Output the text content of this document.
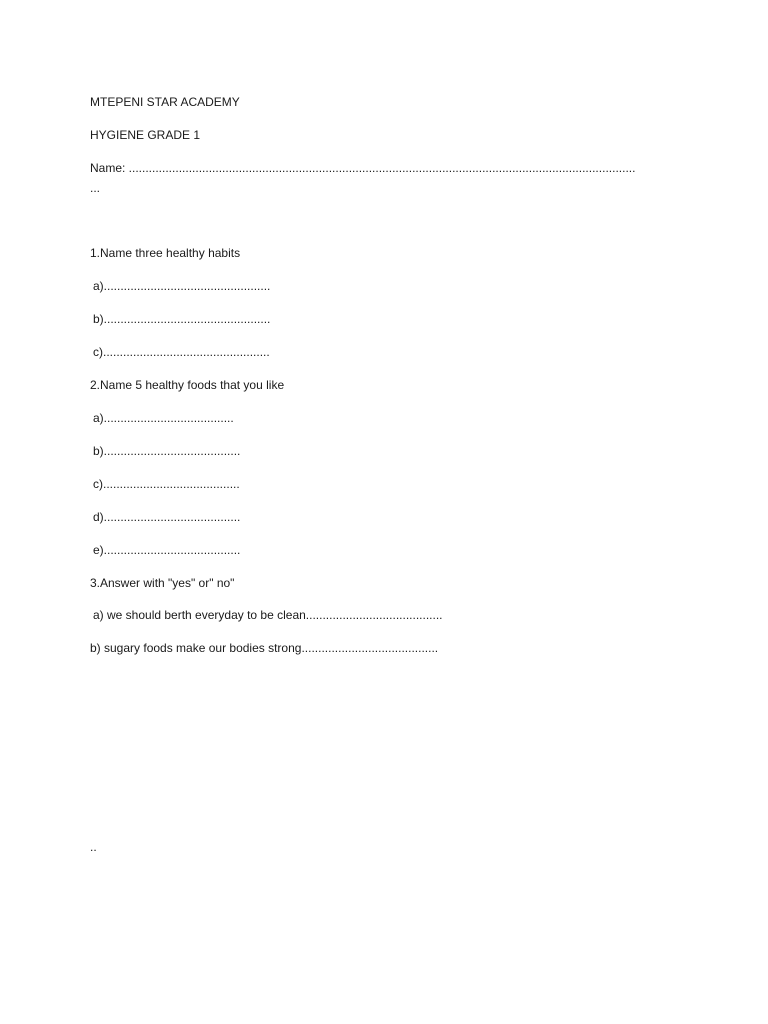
MTEPENI STAR ACADEMY
HYGIENE GRADE 1
Name: ........................................................................................................................................................
...
1.Name three healthy habits
a)..................................................
b)..................................................
c)..................................................
2.Name 5 healthy foods that you like
a).......................................
b).........................................
c).........................................
d).........................................
e).........................................
3.Answer with "yes" or" no"
a) we should berth everyday to be clean.........................................
b) sugary foods make our bodies strong.........................................
..
